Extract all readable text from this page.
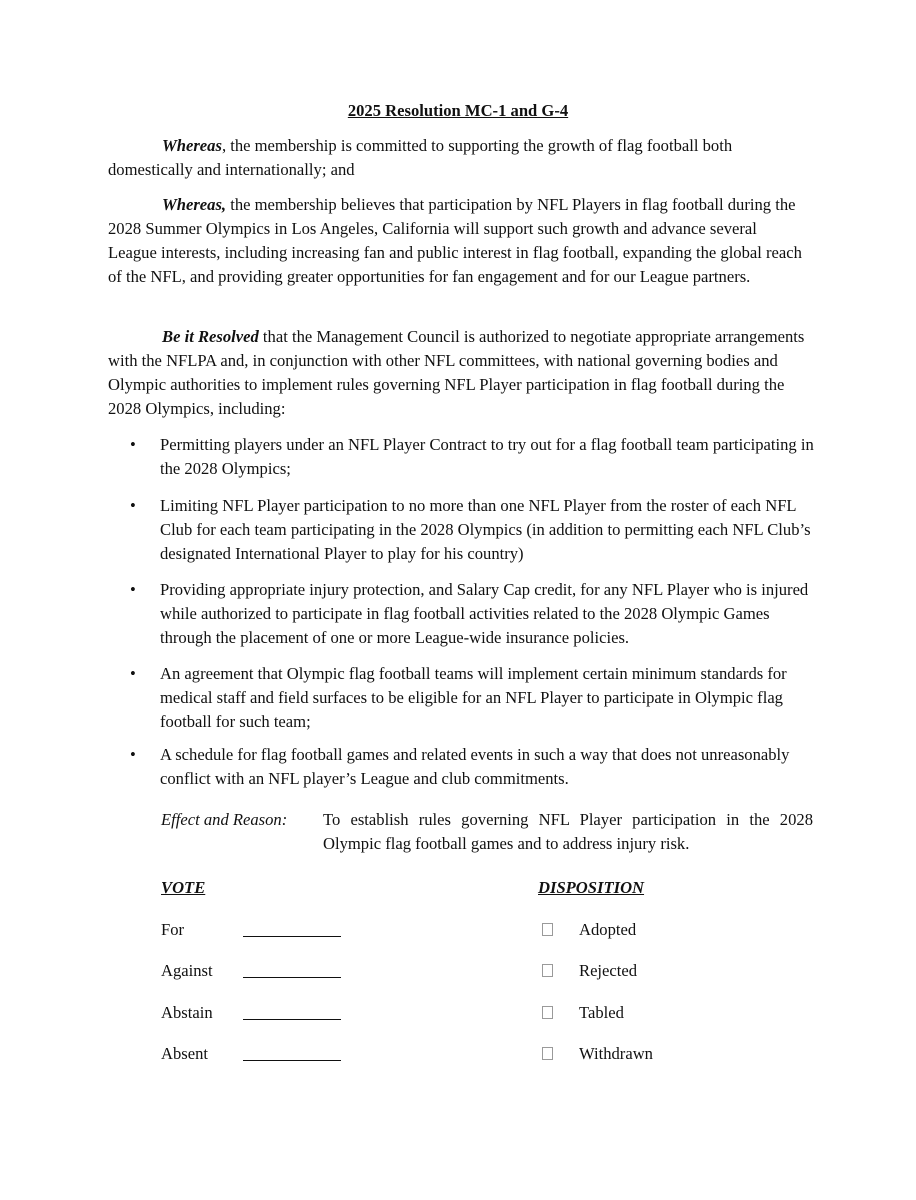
2025 Resolution MC-1 and G-4

Whereas, the membership is committed to supporting the growth of flag football both domestically and internationally; and

Whereas, the membership believes that participation by NFL Players in flag football during the 2028 Summer Olympics in Los Angeles, California will support such growth and advance several League interests, including increasing fan and public interest in flag football, expanding the global reach of the NFL, and providing greater opportunities for fan engagement and for our League partners.

Be it Resolved that the Management Council is authorized to negotiate appropriate arrangements with the NFLPA and, in conjunction with other NFL committees, with national governing bodies and Olympic authorities to implement rules governing NFL Player participation in flag football during the 2028 Olympics, including:

• Permitting players under an NFL Player Contract to try out for a flag football team participating in the 2028 Olympics;
• Limiting NFL Player participation to no more than one NFL Player from the roster of each NFL Club for each team participating in the 2028 Olympics (in addition to permitting each NFL Club’s designated International Player to play for his country)
• Providing appropriate injury protection, and Salary Cap credit, for any NFL Player who is injured while authorized to participate in flag football activities related to the 2028 Olympic Games through the placement of one or more League-wide insurance policies.
• An agreement that Olympic flag football teams will implement certain minimum standards for medical staff and field surfaces to be eligible for an NFL Player to participate in Olympic flag football for such team;
• A schedule for flag football games and related events in such a way that does not unreasonably conflict with an NFL player’s League and club commitments.
Effect and Reason: To establish rules governing NFL Player participation in the 2028 Olympic flag football games and to address injury risk.
VOTE	DISPOSITION
For
Against
Abstain
Absent
Adopted
Rejected
Tabled
Withdrawn
